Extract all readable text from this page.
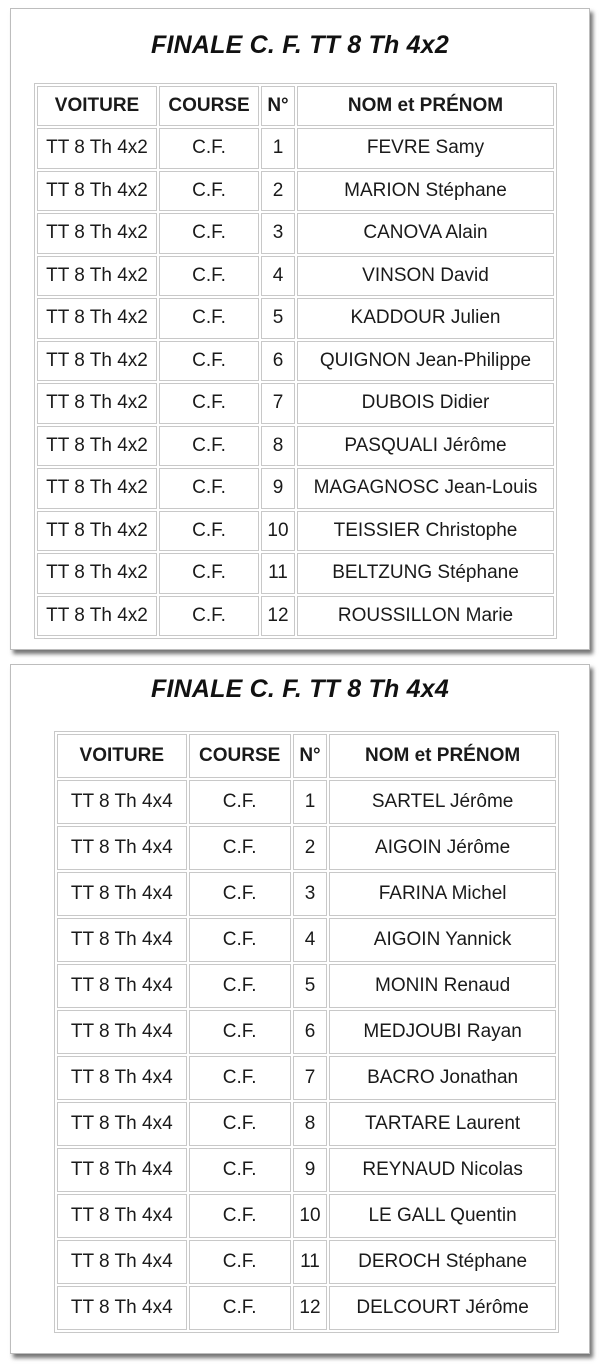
FINALE C. F. TT 8 Th 4x2
VOITURE	COURSE	N°	NOM et PRÉNOM
TT 8 Th 4x2	C.F.	1	FEVRE Samy
TT 8 Th 4x2	C.F.	2	MARION Stéphane
TT 8 Th 4x2	C.F.	3	CANOVA Alain
TT 8 Th 4x2	C.F.	4	VINSON David
TT 8 Th 4x2	C.F.	5	KADDOUR Julien
TT 8 Th 4x2	C.F.	6	QUIGNON Jean-Philippe
TT 8 Th 4x2	C.F.	7	DUBOIS Didier
TT 8 Th 4x2	C.F.	8	PASQUALI Jérôme
TT 8 Th 4x2	C.F.	9	MAGAGNOSC Jean-Louis
TT 8 Th 4x2	C.F.	10	TEISSIER Christophe
TT 8 Th 4x2	C.F.	11	BELTZUNG Stéphane
TT 8 Th 4x2	C.F.	12	ROUSSILLON Marie
FINALE C. F. TT 8 Th 4x4
VOITURE	COURSE	N°	NOM et PRÉNOM
TT 8 Th 4x4	C.F.	1	SARTEL Jérôme
TT 8 Th 4x4	C.F.	2	AIGOIN Jérôme
TT 8 Th 4x4	C.F.	3	FARINA Michel
TT 8 Th 4x4	C.F.	4	AIGOIN Yannick
TT 8 Th 4x4	C.F.	5	MONIN Renaud
TT 8 Th 4x4	C.F.	6	MEDJOUBI Rayan
TT 8 Th 4x4	C.F.	7	BACRO Jonathan
TT 8 Th 4x4	C.F.	8	TARTARE Laurent
TT 8 Th 4x4	C.F.	9	REYNAUD Nicolas
TT 8 Th 4x4	C.F.	10	LE GALL Quentin
TT 8 Th 4x4	C.F.	11	DEROCH Stéphane
TT 8 Th 4x4	C.F.	12	DELCOURT Jérôme
